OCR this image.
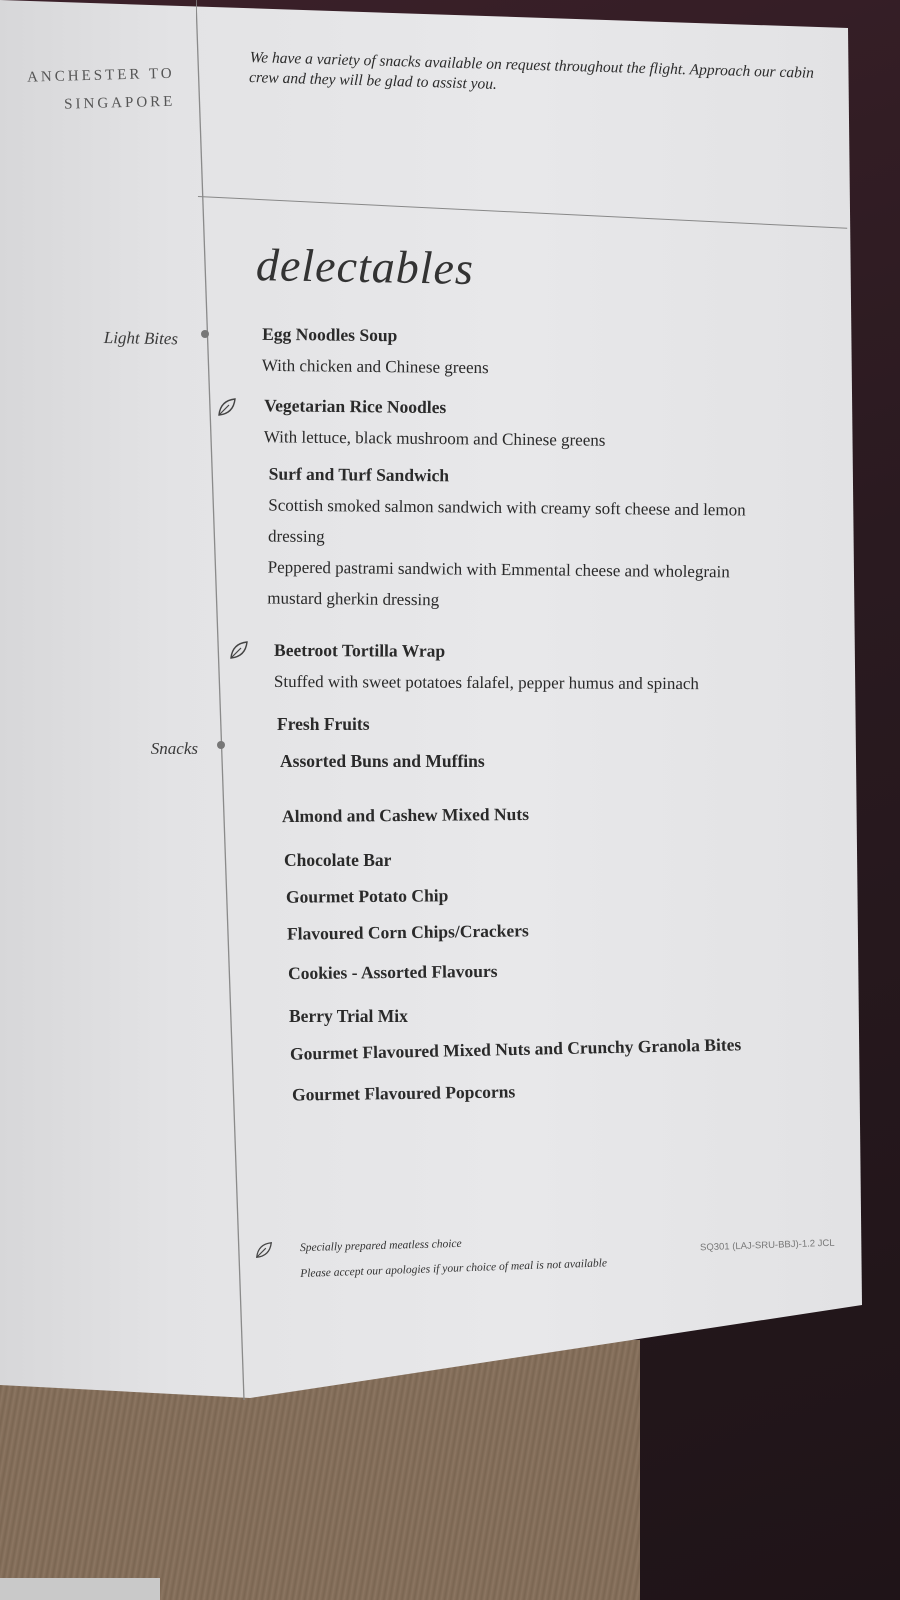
ANCHESTER TO
SINGAPORE
We have a variety of snacks available on request throughout the flight. Approach our cabin crew and they will be glad to assist you.
delectables
Light Bites
Snacks
Egg Noodles Soup
With chicken and Chinese greens
Vegetarian Rice Noodles
With lettuce, black mushroom and Chinese greens
Surf and Turf Sandwich
Scottish smoked salmon sandwich with creamy soft cheese and lemon
dressing
Peppered pastrami sandwich with Emmental cheese and wholegrain
mustard gherkin dressing
Beetroot Tortilla Wrap
Stuffed with sweet potatoes falafel, pepper humus and spinach
Fresh Fruits
Assorted Buns and Muffins
Almond and Cashew Mixed Nuts
Chocolate Bar
Gourmet Potato Chip
Flavoured Corn Chips/Crackers
Cookies - Assorted Flavours
Berry Trial Mix
Gourmet Flavoured Mixed Nuts and Crunchy Granola Bites
Gourmet Flavoured Popcorns
Specially prepared meatless choice
Please accept our apologies if your choice of meal is not available
SQ301 (LAJ-SRU-BBJ)-1.2 JCL
